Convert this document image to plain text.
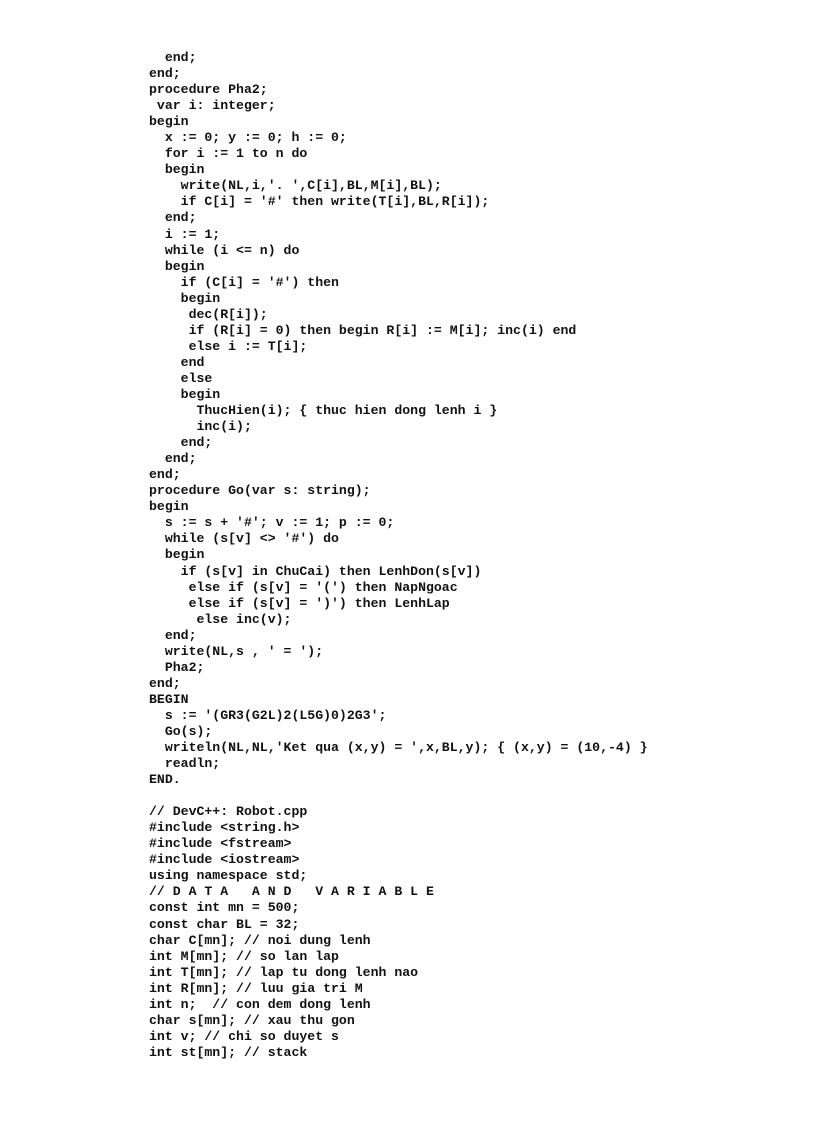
end;
end;
procedure Pha2;
var i: integer;
begin
x := 0; y := 0; h := 0;
for i := 1 to n do
begin
write(NL,i,'. ',C[i],BL,M[i],BL);
if C[i] = '#' then write(T[i],BL,R[i]);
end;
i := 1;
while (i <= n) do
begin
if (C[i] = '#') then
begin
dec(R[i]);
if (R[i] = 0) then begin R[i] := M[i]; inc(i) end
else i := T[i];
end
else
begin
ThucHien(i); { thuc hien dong lenh i }
inc(i);
end;
end;
end;
procedure Go(var s: string);
begin
s := s + '#'; v := 1; p := 0;
while (s[v] <> '#') do
begin
if (s[v] in ChuCai) then LenhDon(s[v])
else if (s[v] = '(') then NapNgoac
else if (s[v] = ')') then LenhLap
else inc(v);
end;
write(NL,s , ' = ');
Pha2;
end;
BEGIN
s := '(GR3(G2L)2(L5G)0)2G3';
Go(s);
writeln(NL,NL,'Ket qua (x,y) = ',x,BL,y); { (x,y) = (10,-4) }
readln;
END.
// DevC++: Robot.cpp
#include <string.h>
#include <fstream>
#include <iostream>
using namespace std;
// D A T A   A N D   V A R I A B L E
const int mn = 500;
const char BL = 32;
char C[mn]; // noi dung lenh
int M[mn]; // so lan lap
int T[mn]; // lap tu dong lenh nao
int R[mn]; // luu gia tri M
int n;  // con dem dong lenh
char s[mn]; // xau thu gon
int v; // chi so duyet s
int st[mn]; // stack
